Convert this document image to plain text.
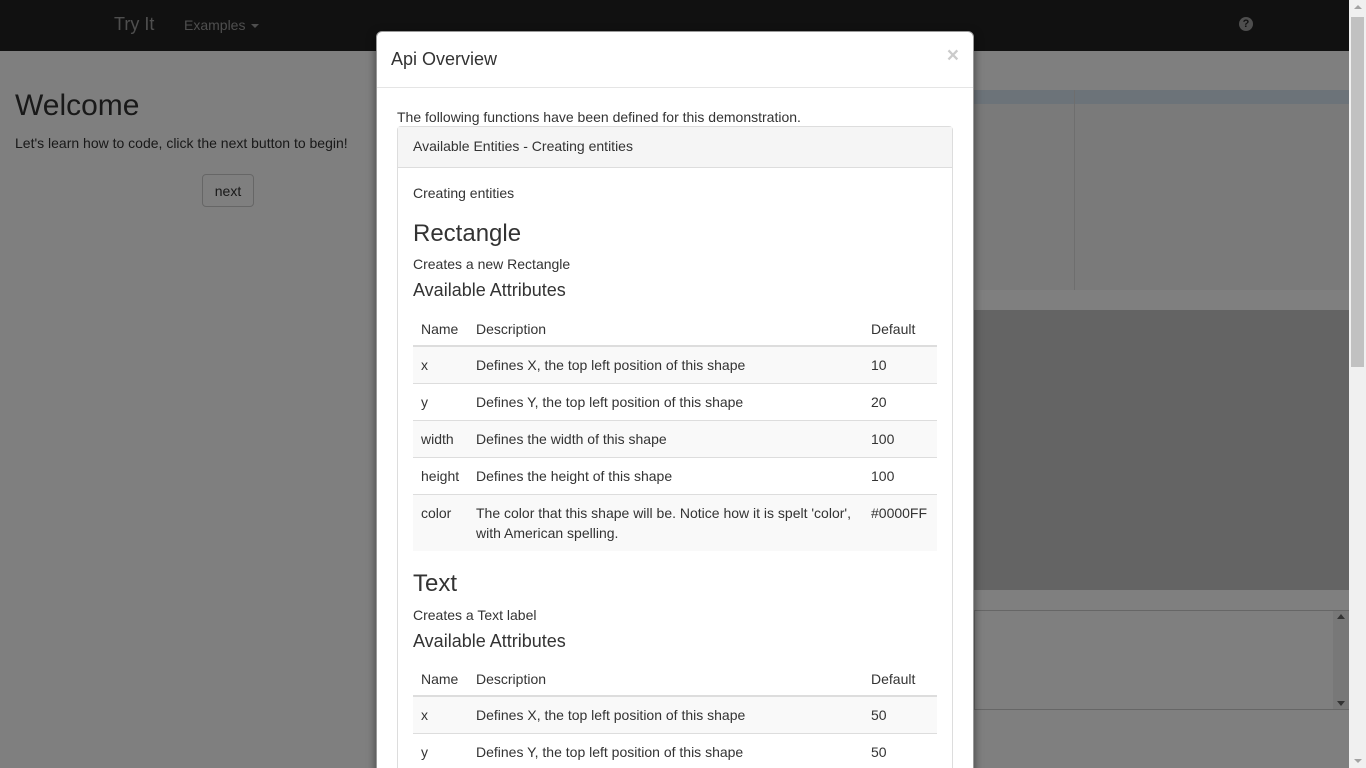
Api Overview	×

The following functions have been defined for this demonstration.

Available Entities - Creating entities

Creating entities

Rectangle

Creates a new Rectangle

Available Attributes
Name	Description	Default
x	Defines X, the top left position of this shape	10
y	Defines Y, the top left position of this shape	20
width	Defines the width of this shape	100
height	Defines the height of this shape	100
color	The color that this shape will be. Notice how it is spelt 'color', with American spelling.	#0000FF
Text

Creates a Text label

Available Attributes
Name	Description	Default
x	Defines X, the top left position of this shape	50
y	Defines Y, the top left position of this shape	50
